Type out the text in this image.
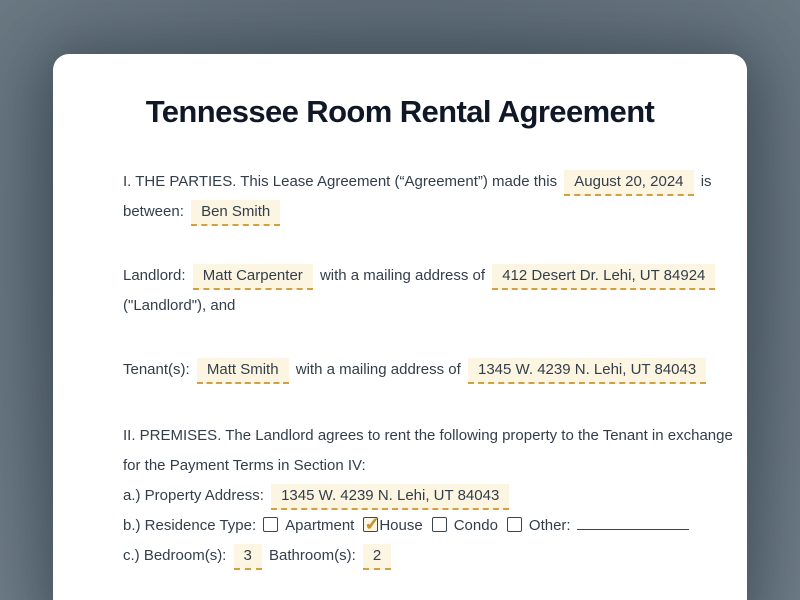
Tennessee Room Rental Agreement
I. THE PARTIES. This Lease Agreement (“Agreement”) made this August 20, 2024 is
between: Ben Smith
Landlord: Matt Carpenter with a mailing address of 412 Desert Dr. Lehi, UT 84924
("Landlord"), and
Tenant(s): Matt Smith with a mailing address of 1345 W. 4239 N. Lehi, UT 84043
II. PREMISES. The Landlord agrees to rent the following property to the Tenant in exchange
for the Payment Terms in Section IV:
a.) Property Address: 1345 W. 4239 N. Lehi, UT 84043
b.) Residence Type: Apartment ✓ House Condo Other:
c.) Bedroom(s): 3 Bathroom(s): 2
